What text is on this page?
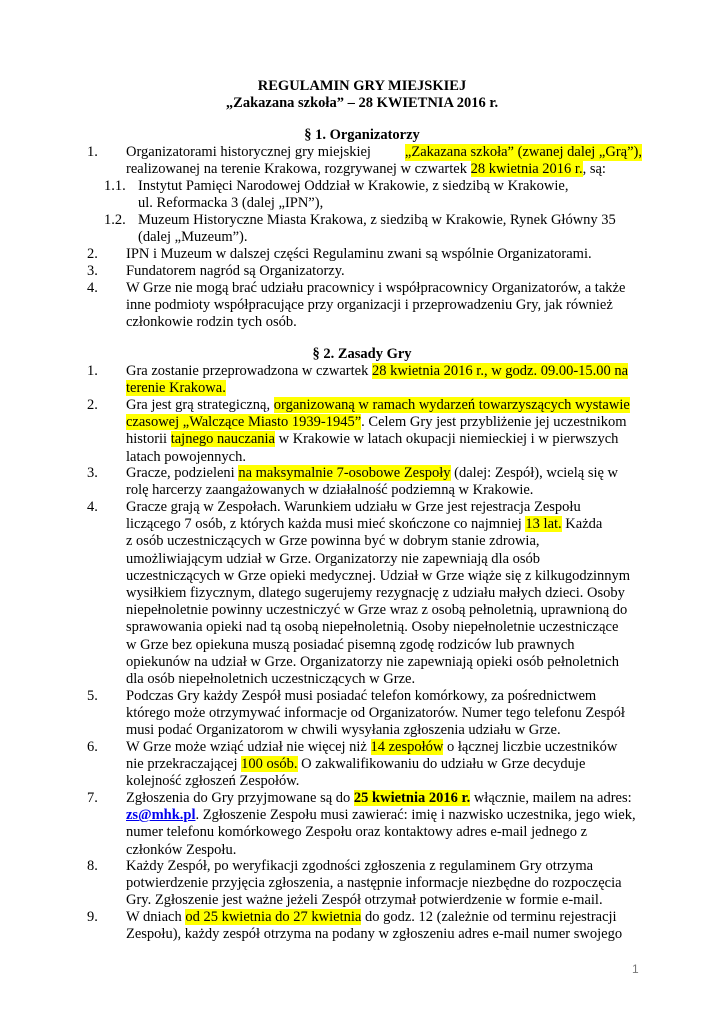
REGULAMIN GRY MIEJSKIEJ
„Zakazana szkoła” – 28 KWIETNIA 2016 r.
§ 1. Organizatorzy
1.	Organizatorami historycznej gry miejskiej „Zakazana szkoła” (zwanej dalej „Grą”),
realizowanej na terenie Krakowa, rozgrywanej w czwartek 28 kwietnia 2016 r., są:
1.1. Instytut Pamięci Narodowej Oddział w Krakowie, z siedzibą w Krakowie,
ul. Reformacka 3 (dalej „IPN”),
1.2. Muzeum Historyczne Miasta Krakowa, z siedzibą w Krakowie, Rynek Główny 35
(dalej „Muzeum”).
2.	IPN i Muzeum w dalszej części Regulaminu zwani są wspólnie Organizatorami.
3.	Fundatorem nagród są Organizatorzy.
4.	W Grze nie mogą brać udziału pracownicy i współpracownicy Organizatorów, a także
inne podmioty współpracujące przy organizacji i przeprowadzeniu Gry, jak również
członkowie rodzin tych osób.
§ 2. Zasady Gry
1.	Gra zostanie przeprowadzona w czwartek 28 kwietnia 2016 r., w godz. 09.00-15.00 na
terenie Krakowa.
2.	Gra jest grą strategiczną, organizowaną w ramach wydarzeń towarzyszących wystawie
czasowej „Walczące Miasto 1939-1945”. Celem Gry jest przybliżenie jej uczestnikom
historii tajnego nauczania w Krakowie w latach okupacji niemieckiej i w pierwszych
latach powojennych.
3.	Gracze, podzieleni na maksymalnie 7-osobowe Zespoły (dalej: Zespół), wcielą się w
rolę harcerzy zaangażowanych w działalność podziemną w Krakowie.
4.	Gracze grają w Zespołach. Warunkiem udziału w Grze jest rejestracja Zespołu
liczącego 7 osób, z których każda musi mieć skończone co najmniej 13 lat. Każda
z osób uczestniczących w Grze powinna być w dobrym stanie zdrowia,
umożliwiającym udział w Grze. Organizatorzy nie zapewniają dla osób
uczestniczących w Grze opieki medycznej. Udział w Grze wiąże się z kilkugodzinnym
wysiłkiem fizycznym, dlatego sugerujemy rezygnację z udziału małych dzieci. Osoby
niepełnoletnie powinny uczestniczyć w Grze wraz z osobą pełnoletnią, uprawnioną do
sprawowania opieki nad tą osobą niepełnoletnią. Osoby niepełnoletnie uczestniczące
w Grze bez opiekuna muszą posiadać pisemną zgodę rodziców lub prawnych
opiekunów na udział w Grze. Organizatorzy nie zapewniają opieki osób pełnoletnich
dla osób niepełnoletnich uczestniczących w Grze.
5.	Podczas Gry każdy Zespół musi posiadać telefon komórkowy, za pośrednictwem
którego może otrzymywać informacje od Organizatorów. Numer tego telefonu Zespół
musi podać Organizatorom w chwili wysyłania zgłoszenia udziału w Grze.
6.	W Grze może wziąć udział nie więcej niż 14 zespołów o łącznej liczbie uczestników
nie przekraczającej 100 osób. O zakwalifikowaniu do udziału w Grze decyduje
kolejność zgłoszeń Zespołów.
7.	Zgłoszenia do Gry przyjmowane są do 25 kwietnia 2016 r. włącznie, mailem na adres:
zs@mhk.pl. Zgłoszenie Zespołu musi zawierać: imię i nazwisko uczestnika, jego wiek,
numer telefonu komórkowego Zespołu oraz kontaktowy adres e-mail jednego z
członków Zespołu.
8.	Każdy Zespół, po weryfikacji zgodności zgłoszenia z regulaminem Gry otrzyma
potwierdzenie przyjęcia zgłoszenia, a następnie informacje niezbędne do rozpoczęcia
Gry. Zgłoszenie jest ważne jeżeli Zespół otrzymał potwierdzenie w formie e-mail.
9.	W dniach od 25 kwietnia do 27 kwietnia do godz. 12 (zależnie od terminu rejestracji
Zespołu), każdy zespół otrzyma na podany w zgłoszeniu adres e-mail numer swojego
1
